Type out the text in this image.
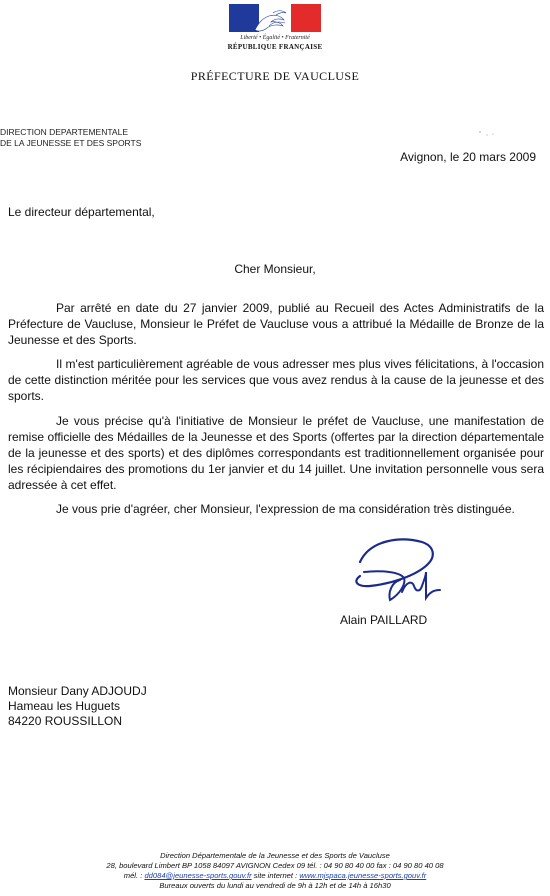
Liberté • Égalité • Fraternité
RÉPUBLIQUE FRANÇAISE
PRÉFECTURE DE VAUCLUSE
DIRECTION DEPARTEMENTALE
DE LA JEUNESSE ET DES SPORTS
Avignon, le 20 mars 2009
Le directeur départemental,
Cher Monsieur,
Par arrêté en date du 27 janvier 2009, publié au Recueil des Actes Administratifs de la Préfecture de Vaucluse, Monsieur le Préfet de Vaucluse vous a attribué la Médaille de Bronze de la Jeunesse et des Sports.
Il m'est particulièrement agréable de vous adresser mes plus vives félicitations, à l'occasion de cette distinction méritée pour les services que vous avez rendus à la cause de la jeunesse et des sports.
Je vous précise qu'à l'initiative de Monsieur le préfet de Vaucluse, une manifestation de remise officielle des Médailles de la Jeunesse et des Sports (offertes par la direction départementale de la jeunesse et des sports) et des diplômes correspondants est traditionnellement organisée pour les récipiendaires des promotions du 1er janvier et du 14 juillet. Une invitation personnelle vous sera adressée à cet effet.
Je vous prie d'agréer, cher Monsieur, l'expression de ma considération très distinguée.
Alain PAILLARD
Monsieur Dany ADJOUDJ
Hameau les Huguets
84220 ROUSSILLON
Direction Départementale de la Jeunesse et des Sports de Vaucluse
28, boulevard Limbert BP 1058 84097 AVIGNON Cedex 09 tél. : 04 90 80 40 00 fax : 04 90 80 40 08
mél. : dd084@jeunesse-sports.gouv.fr site internet : www.mjspaca.jeunesse-sports.gouv.fr
Bureaux ouverts du lundi au vendredi de 9h à 12h et de 14h à 16h30
